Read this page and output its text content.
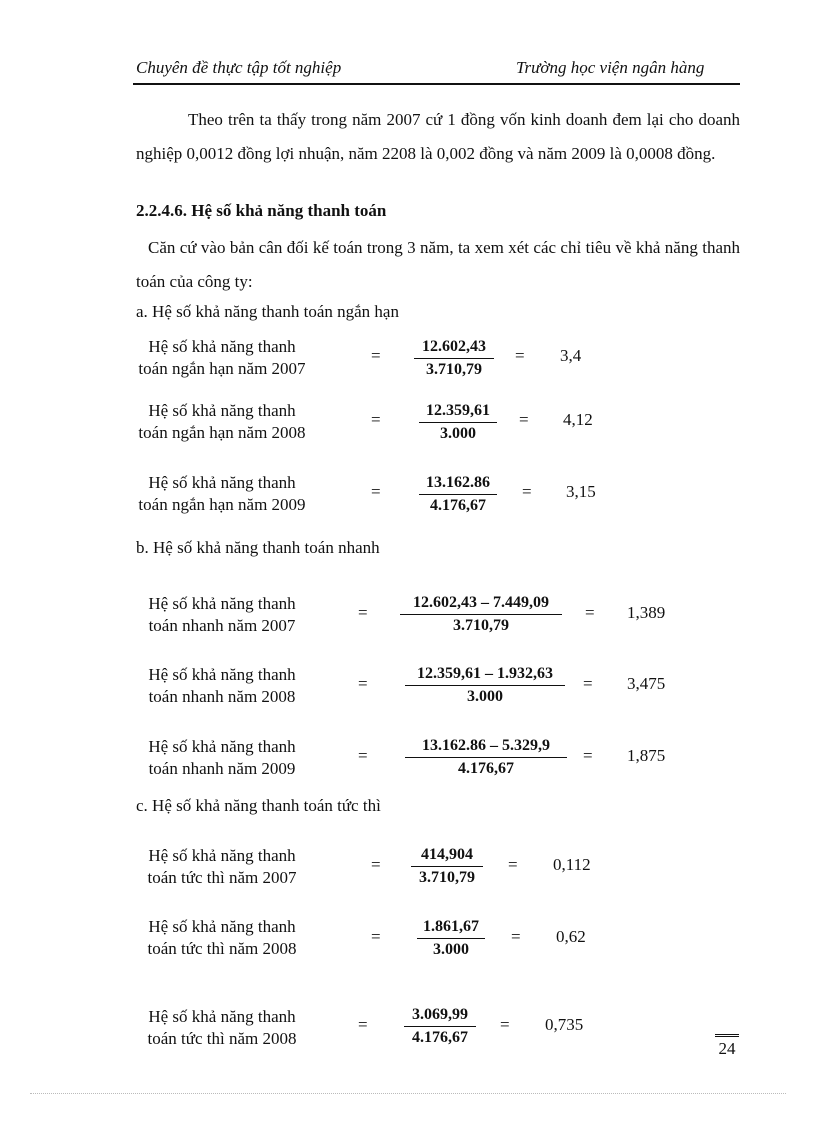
Chuyên đề thực tập tốt nghiệp	Trường học viện ngân hàng

Theo trên ta thấy trong năm 2007 cứ 1 đồng vốn kinh doanh đem lại cho doanh nghiệp 0,0012 đồng lợi nhuận, năm 2208 là 0,002 đồng và năm 2009 là 0,0008 đồng.

2.2.4.6. Hệ số khả năng thanh toán

Căn cứ vào bản cân đối kế toán trong 3 năm, ta xem xét các chỉ tiêu về khả năng thanh toán của công ty:

a. Hệ số khả năng thanh toán ngắn hạn
Hệ số khả năng thanh
toán ngắn hạn năm 2007
=	12.602,43
3.710,79
= 3,4
Hệ số khả năng thanh
toán ngắn hạn năm 2008
=	12.359,61
3.000
= 4,12
Hệ số khả năng thanh
toán ngắn hạn năm 2009
=	13.162.86
4.176,67
= 3,15
b. Hệ số khả năng thanh toán nhanh
Hệ số khả năng thanh
toán nhanh năm 2007
=
12.602,43 – 7.449,09
3.710,79
= 1,389
Hệ số khả năng thanh
toán nhanh năm 2008
=
12.359,61 – 1.932,63
3.000
= 3,475
Hệ số khả năng thanh
toán nhanh năm 2009
=
13.162.86 – 5.329,9
4.176,67
= 1,875
c. Hệ số khả năng thanh toán tức thì
Hệ số khả năng thanh
toán tức thì năm 2007
=
414,904
3.710,79
= 0,112
Hệ số khả năng thanh
toán tức thì năm 2008
=
1.861,67
3.000
= 0,62
Hệ số khả năng thanh
toán tức thì năm 2008
=
3.069,99
4.176,67
= 0,735
24
